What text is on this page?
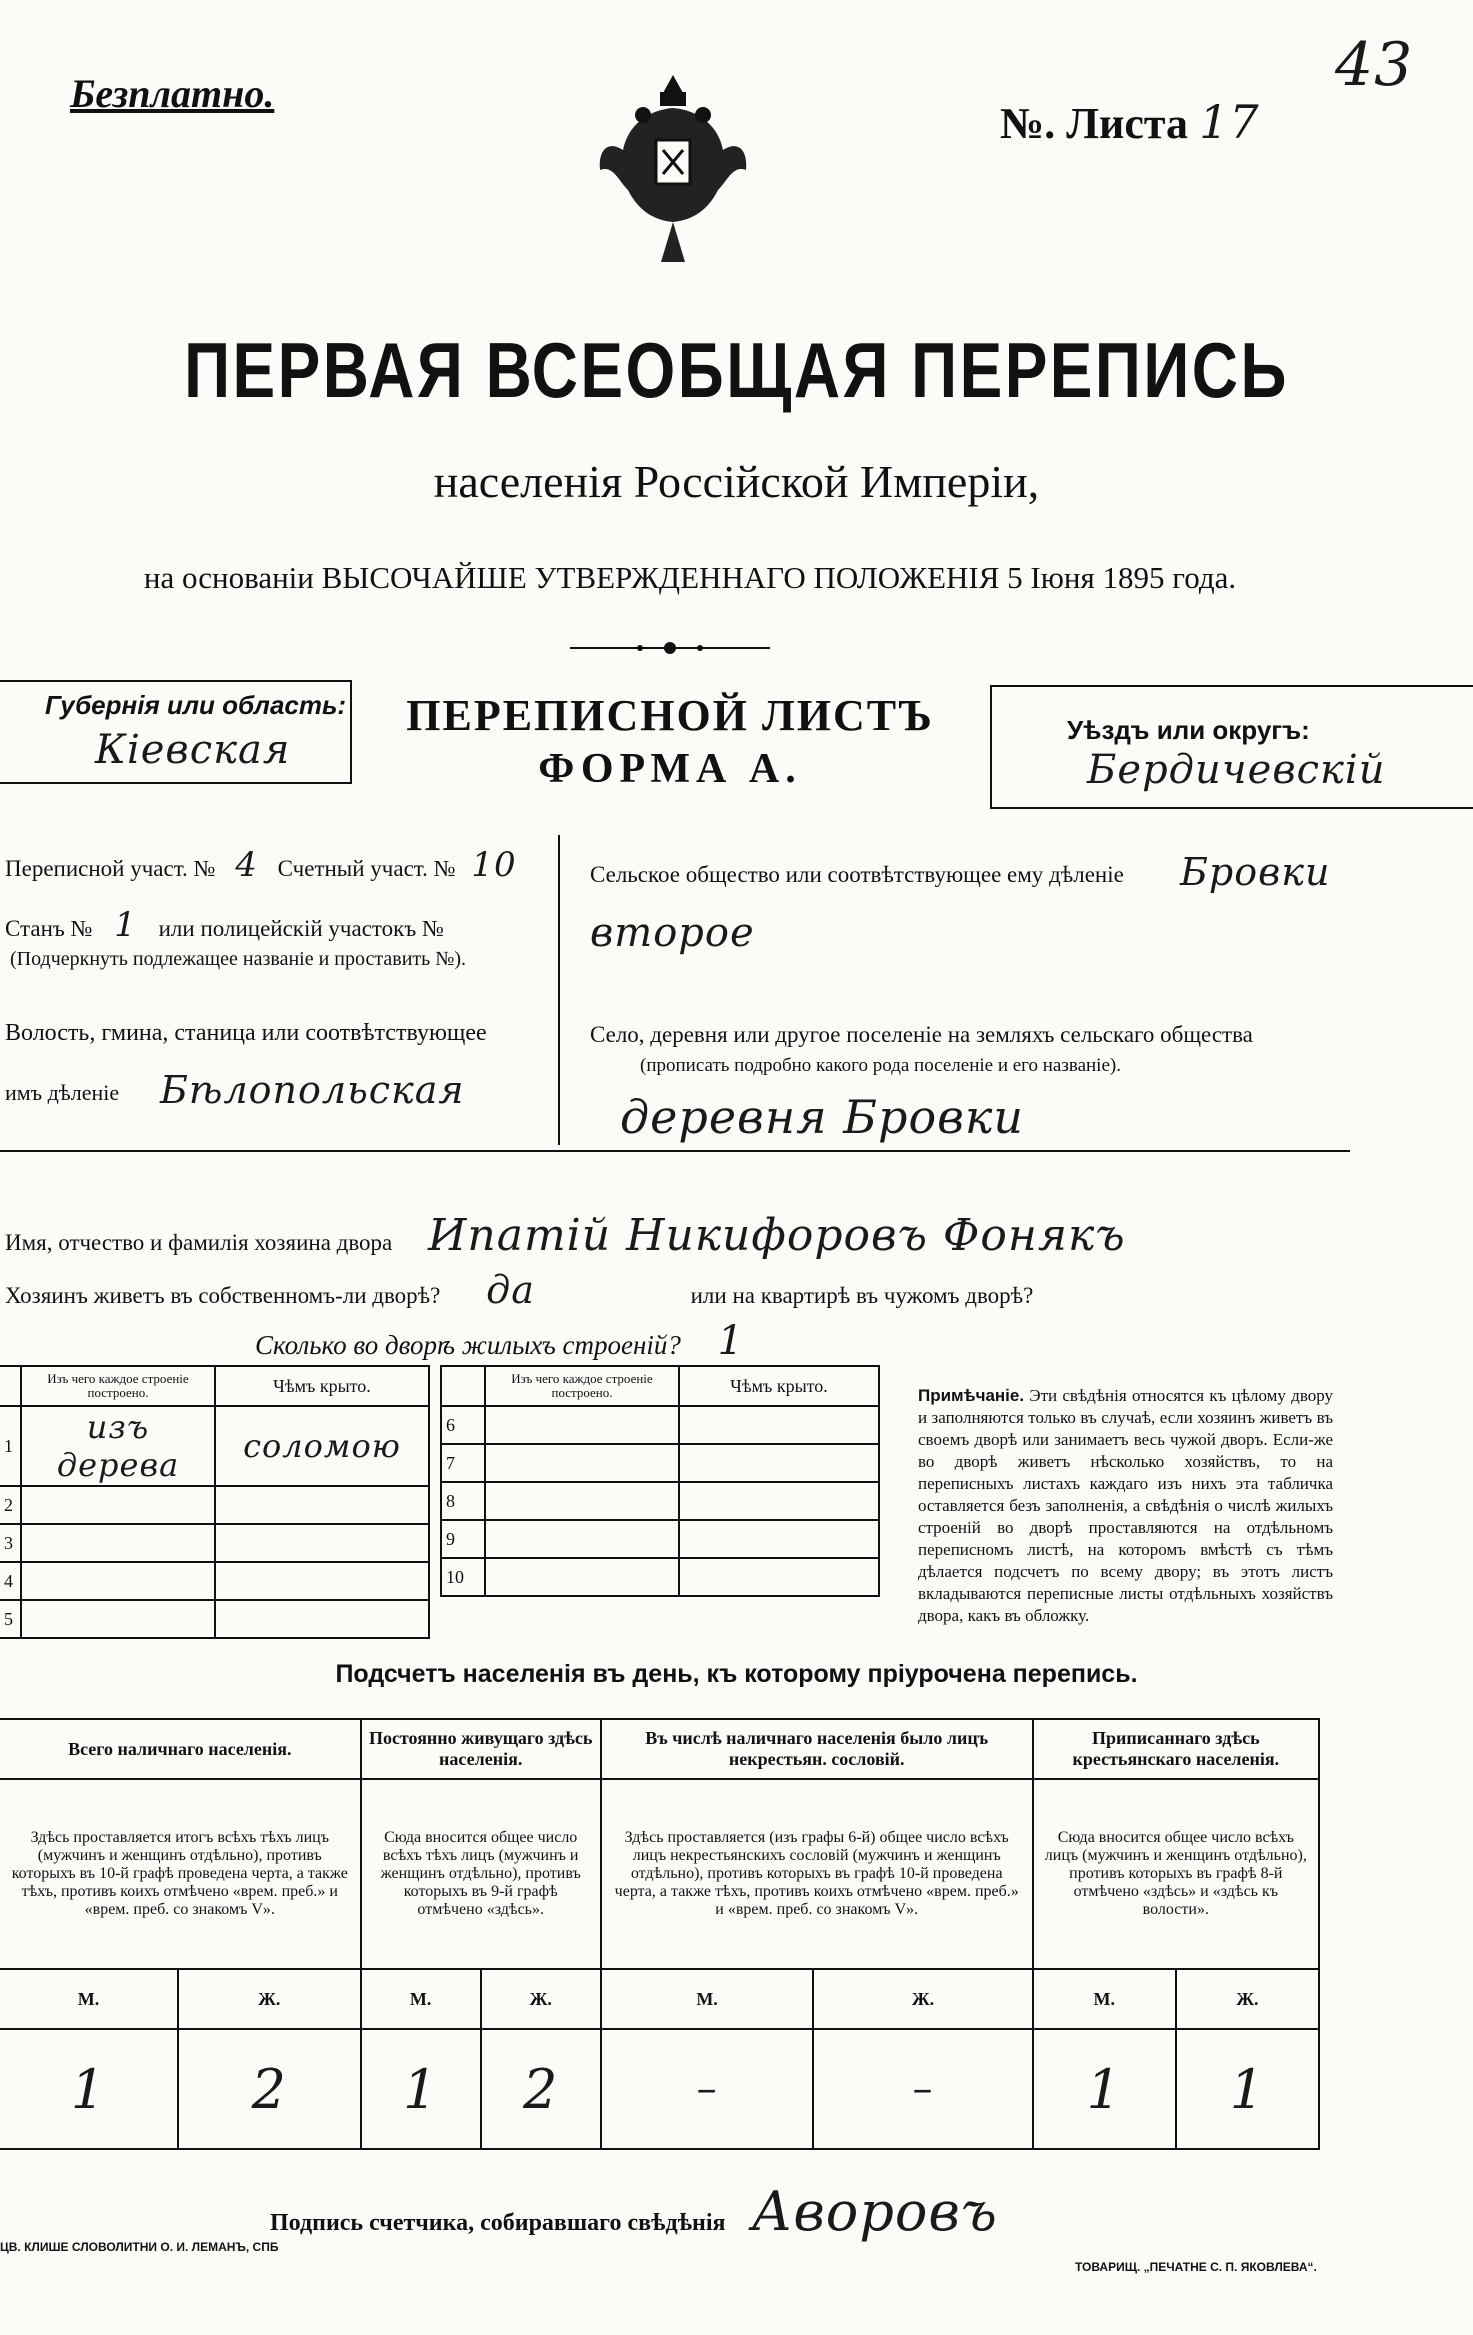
Безплатно.
№. Листа 17
43
ПЕРВАЯ ВСЕОБЩАЯ ПЕРЕПИСЬ
населенія Россійской Имперіи,
на основаніи ВЫСОЧАЙШЕ УТВЕРЖДЕННАГО ПОЛОЖЕНІЯ 5 Іюня 1895 года.
Губернія или область:
Кіевская
ПЕРЕПИСНОЙ ЛИСТЪ
ФОРМА А.
Уѣздъ или округъ:
Бердичевскій
Переписной участ. № 4 Счетный участ. № 10
Станъ № 1 или полицейскій участокъ №
(Подчеркнуть подлежащее названіе и проставить №).
Волость, гмина, станица или соотвѣтствующее
имъ дѣленіе Бѣлопольская
Сельское общество или соотвѣтствующее ему дѣленіе Бровки
второе
Село, деревня или другое поселеніе на земляхъ сельскаго общества
(прописать подробно какого рода поселеніе и его названіе).
деревня Бровки
Имя, отчество и фамилія хозяина двора Ипатій Никифоровъ Фонякъ
Хозяинъ живетъ въ собственномъ-ли дворѣ? да	или на квартирѣ въ чужомъ дворѣ?
Сколько во дворѣ жилыхъ строеній? 1
	Изъ чего каждое строеніе построено.	Чѣмъ крыто.
1	изъ дерева	соломою
2		
3		
4		
5		
	Изъ чего каждое строеніе построено.	Чѣмъ крыто.
6		
7		
8		
9		
10		
Примѣчаніе. Эти свѣдѣнія относятся къ цѣлому двору и заполняются только въ случаѣ, если хозяинъ живетъ въ своемъ дворѣ или занимаетъ весь чужой дворъ. Если-же во дворѣ живетъ нѣсколько хозяйствъ, то на переписныхъ листахъ каждаго изъ нихъ эта табличка оставляется безъ заполненія, а свѣдѣнія о числѣ жилыхъ строеній во дворѣ проставляются на отдѣльномъ переписномъ листѣ, на которомъ вмѣстѣ съ тѣмъ дѣлается подсчетъ по всему двору; въ этотъ листъ вкладываются переписные листы отдѣльныхъ хозяйствъ двора, какъ въ обложку.
Подсчетъ населенія въ день, къ которому пріурочена перепись.
Всего наличнаго населенія.		Постоянно живущаго здѣсь населенія.		Въ числѣ наличнаго населенія было лицъ некрестьян. сословій.		Приписаннаго здѣсь крестьянскаго населенія.	
Здѣсь проставляется итогъ всѣхъ тѣхъ лицъ (мужчинъ и женщинъ отдѣльно), противъ которыхъ въ 10-й графѣ проведена черта, а также тѣхъ, противъ коихъ отмѣчено «врем. преб.» и «врем. преб. со знакомъ V».		Сюда вносится общее число всѣхъ тѣхъ лицъ (мужчинъ и женщинъ отдѣльно), противъ которыхъ въ 9-й графѣ отмѣчено «здѣсь».		Здѣсь проставляется (изъ графы 6-й) общее число всѣхъ лицъ некрестьянскихъ сословій (мужчинъ и женщинъ отдѣльно), противъ которыхъ въ графѣ 10-й проведена черта, а также тѣхъ, противъ коихъ отмѣчено «врем. преб.» и «врем. преб. со знакомъ V».		Сюда вносится общее число всѣхъ лицъ (мужчинъ и женщинъ отдѣльно), противъ которыхъ въ графѣ 8-й отмѣчено «здѣсь» и «здѣсь къ волости».	
М.	Ж.	М.	Ж.	М.	Ж.	М.	Ж.
1	2	1	2	–	–	1	1
Подпись счетчика, собиравшаго свѣдѣнія Аворовъ
ЦВ. КЛИШЕ СЛОВОЛИТНИ О. И. ЛЕМАНЪ, СПБ
ТОВАРИЩ. „ПЕЧАТНЕ С. П. ЯКОВЛЕВА“.
